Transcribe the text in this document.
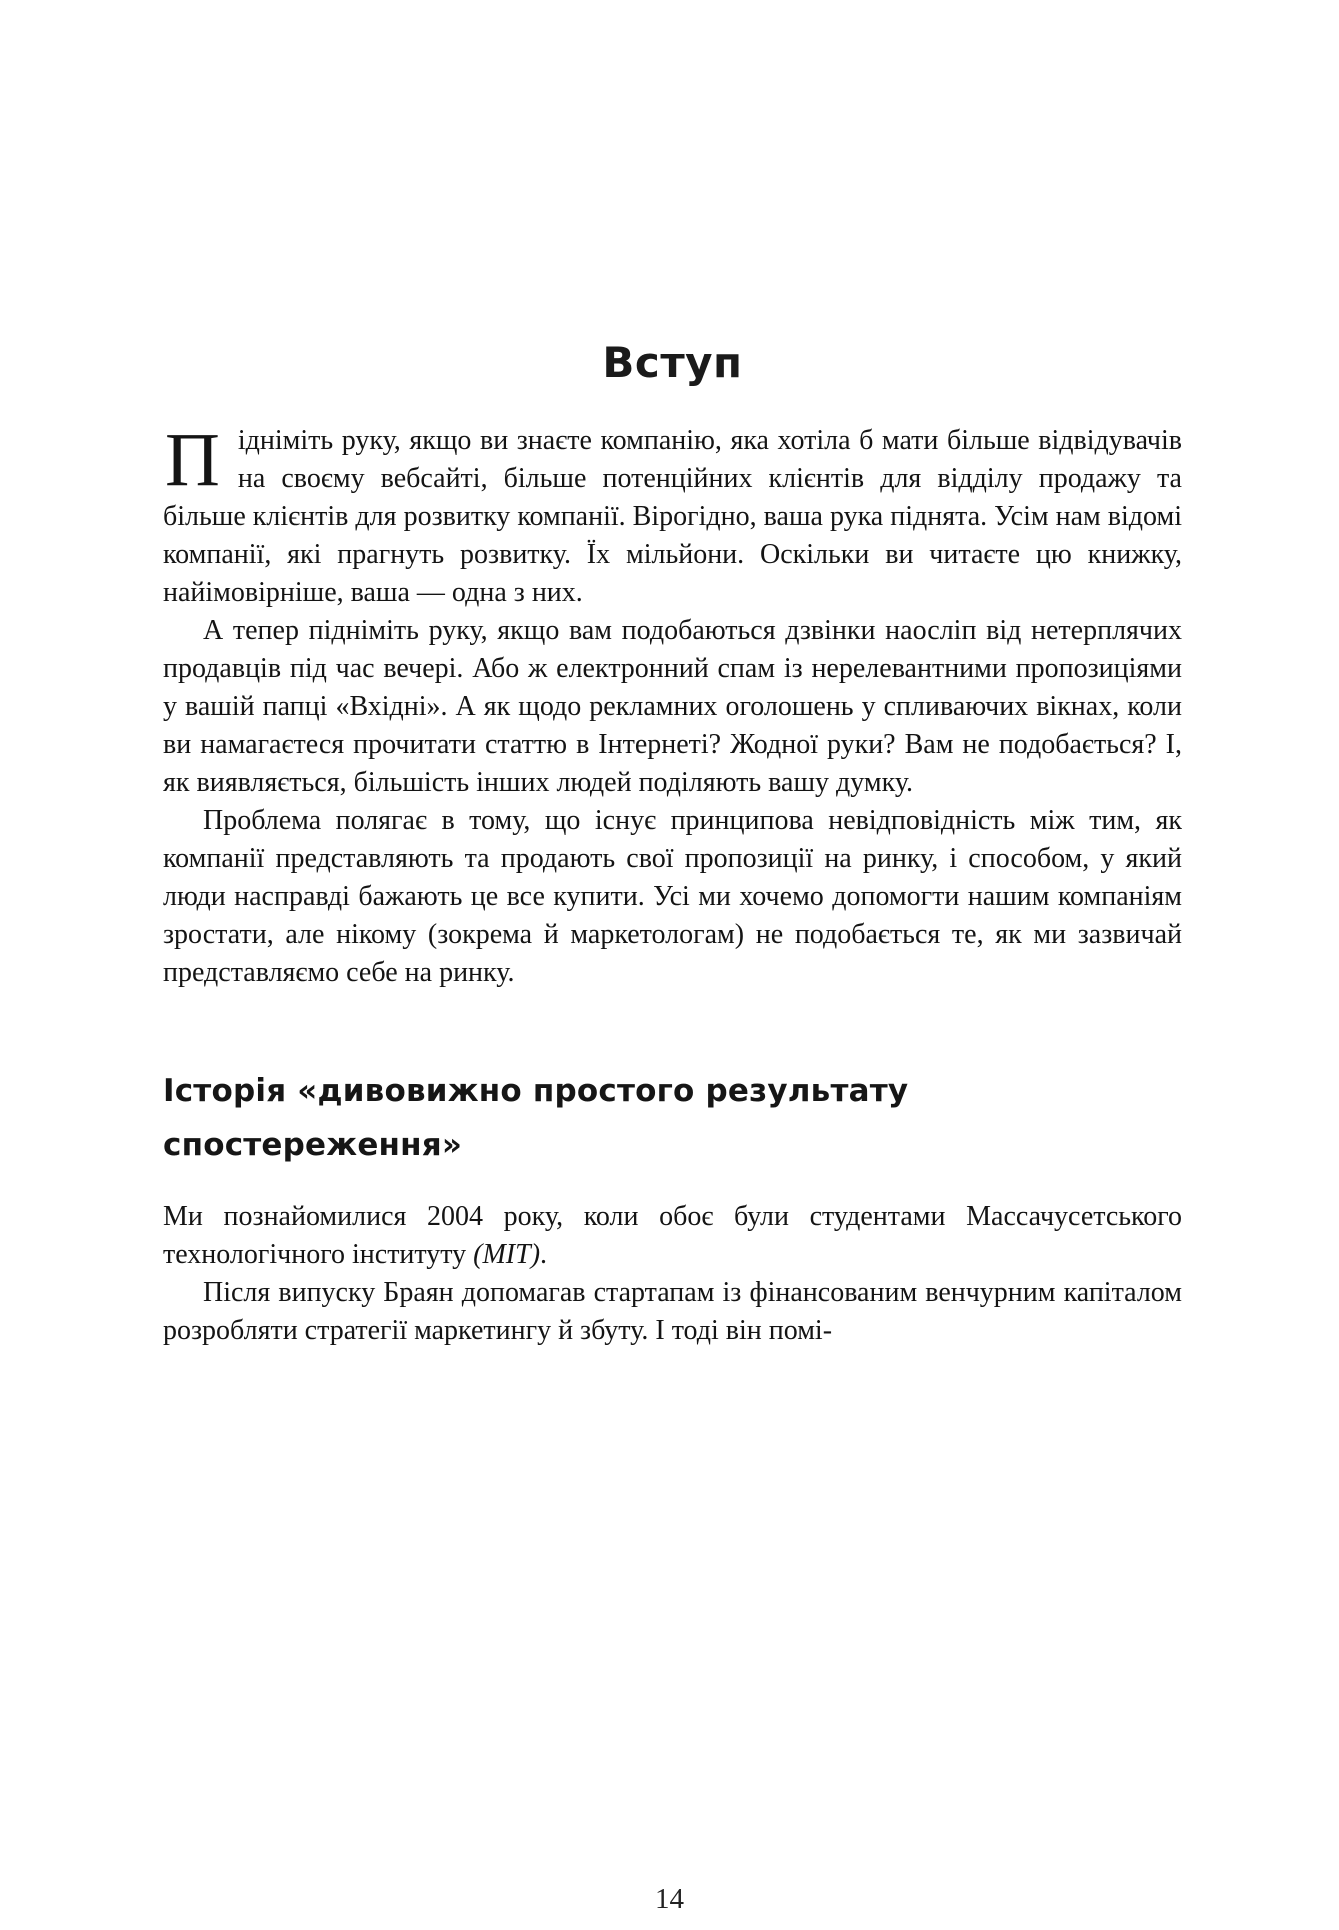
Вступ

Підніміть руку, якщо ви знаєте компанію, яка хотіла б мати більше відвідувачів на своєму вебсайті, більше потенційних клієнтів для відділу продажу та більше клієнтів для розвитку компанії. Вірогідно, ваша рука піднята. Усім нам відомі компанії, які прагнуть розвитку. Їх мільйони. Оскільки ви читаєте цю книжку, найімовірніше, ваша — одна з них.

А тепер підніміть руку, якщо вам подобаються дзвінки наосліп від нетерплячих продавців під час вечері. Або ж електронний спам із нерелевантними пропозиціями у вашій папці «Вхідні». А як щодо рекламних оголошень у спливаючих вікнах, коли ви намагаєтеся прочитати статтю в Інтернеті? Жодної руки? Вам не подобається? І, як виявляється, більшість інших людей поділяють вашу думку.

Проблема полягає в тому, що існує принципова невідповідність між тим, як компанії представляють та продають свої пропозиції на ринку, і способом, у який люди насправді бажають це все купити. Усі ми хочемо допомогти нашим компаніям зростати, але нікому (зокрема й маркетологам) не подобається те, як ми зазвичай представляємо себе на ринку.

Історія «дивовижно простого результату спостереження»

Ми познайомилися 2004 року, коли обоє були студентами Массачусетського технологічного інституту (МІТ).

Після випуску Браян допомагав стартапам із фінансованим венчурним капіталом розробляти стратегії маркетингу й збуту. І тоді він помі-

14
